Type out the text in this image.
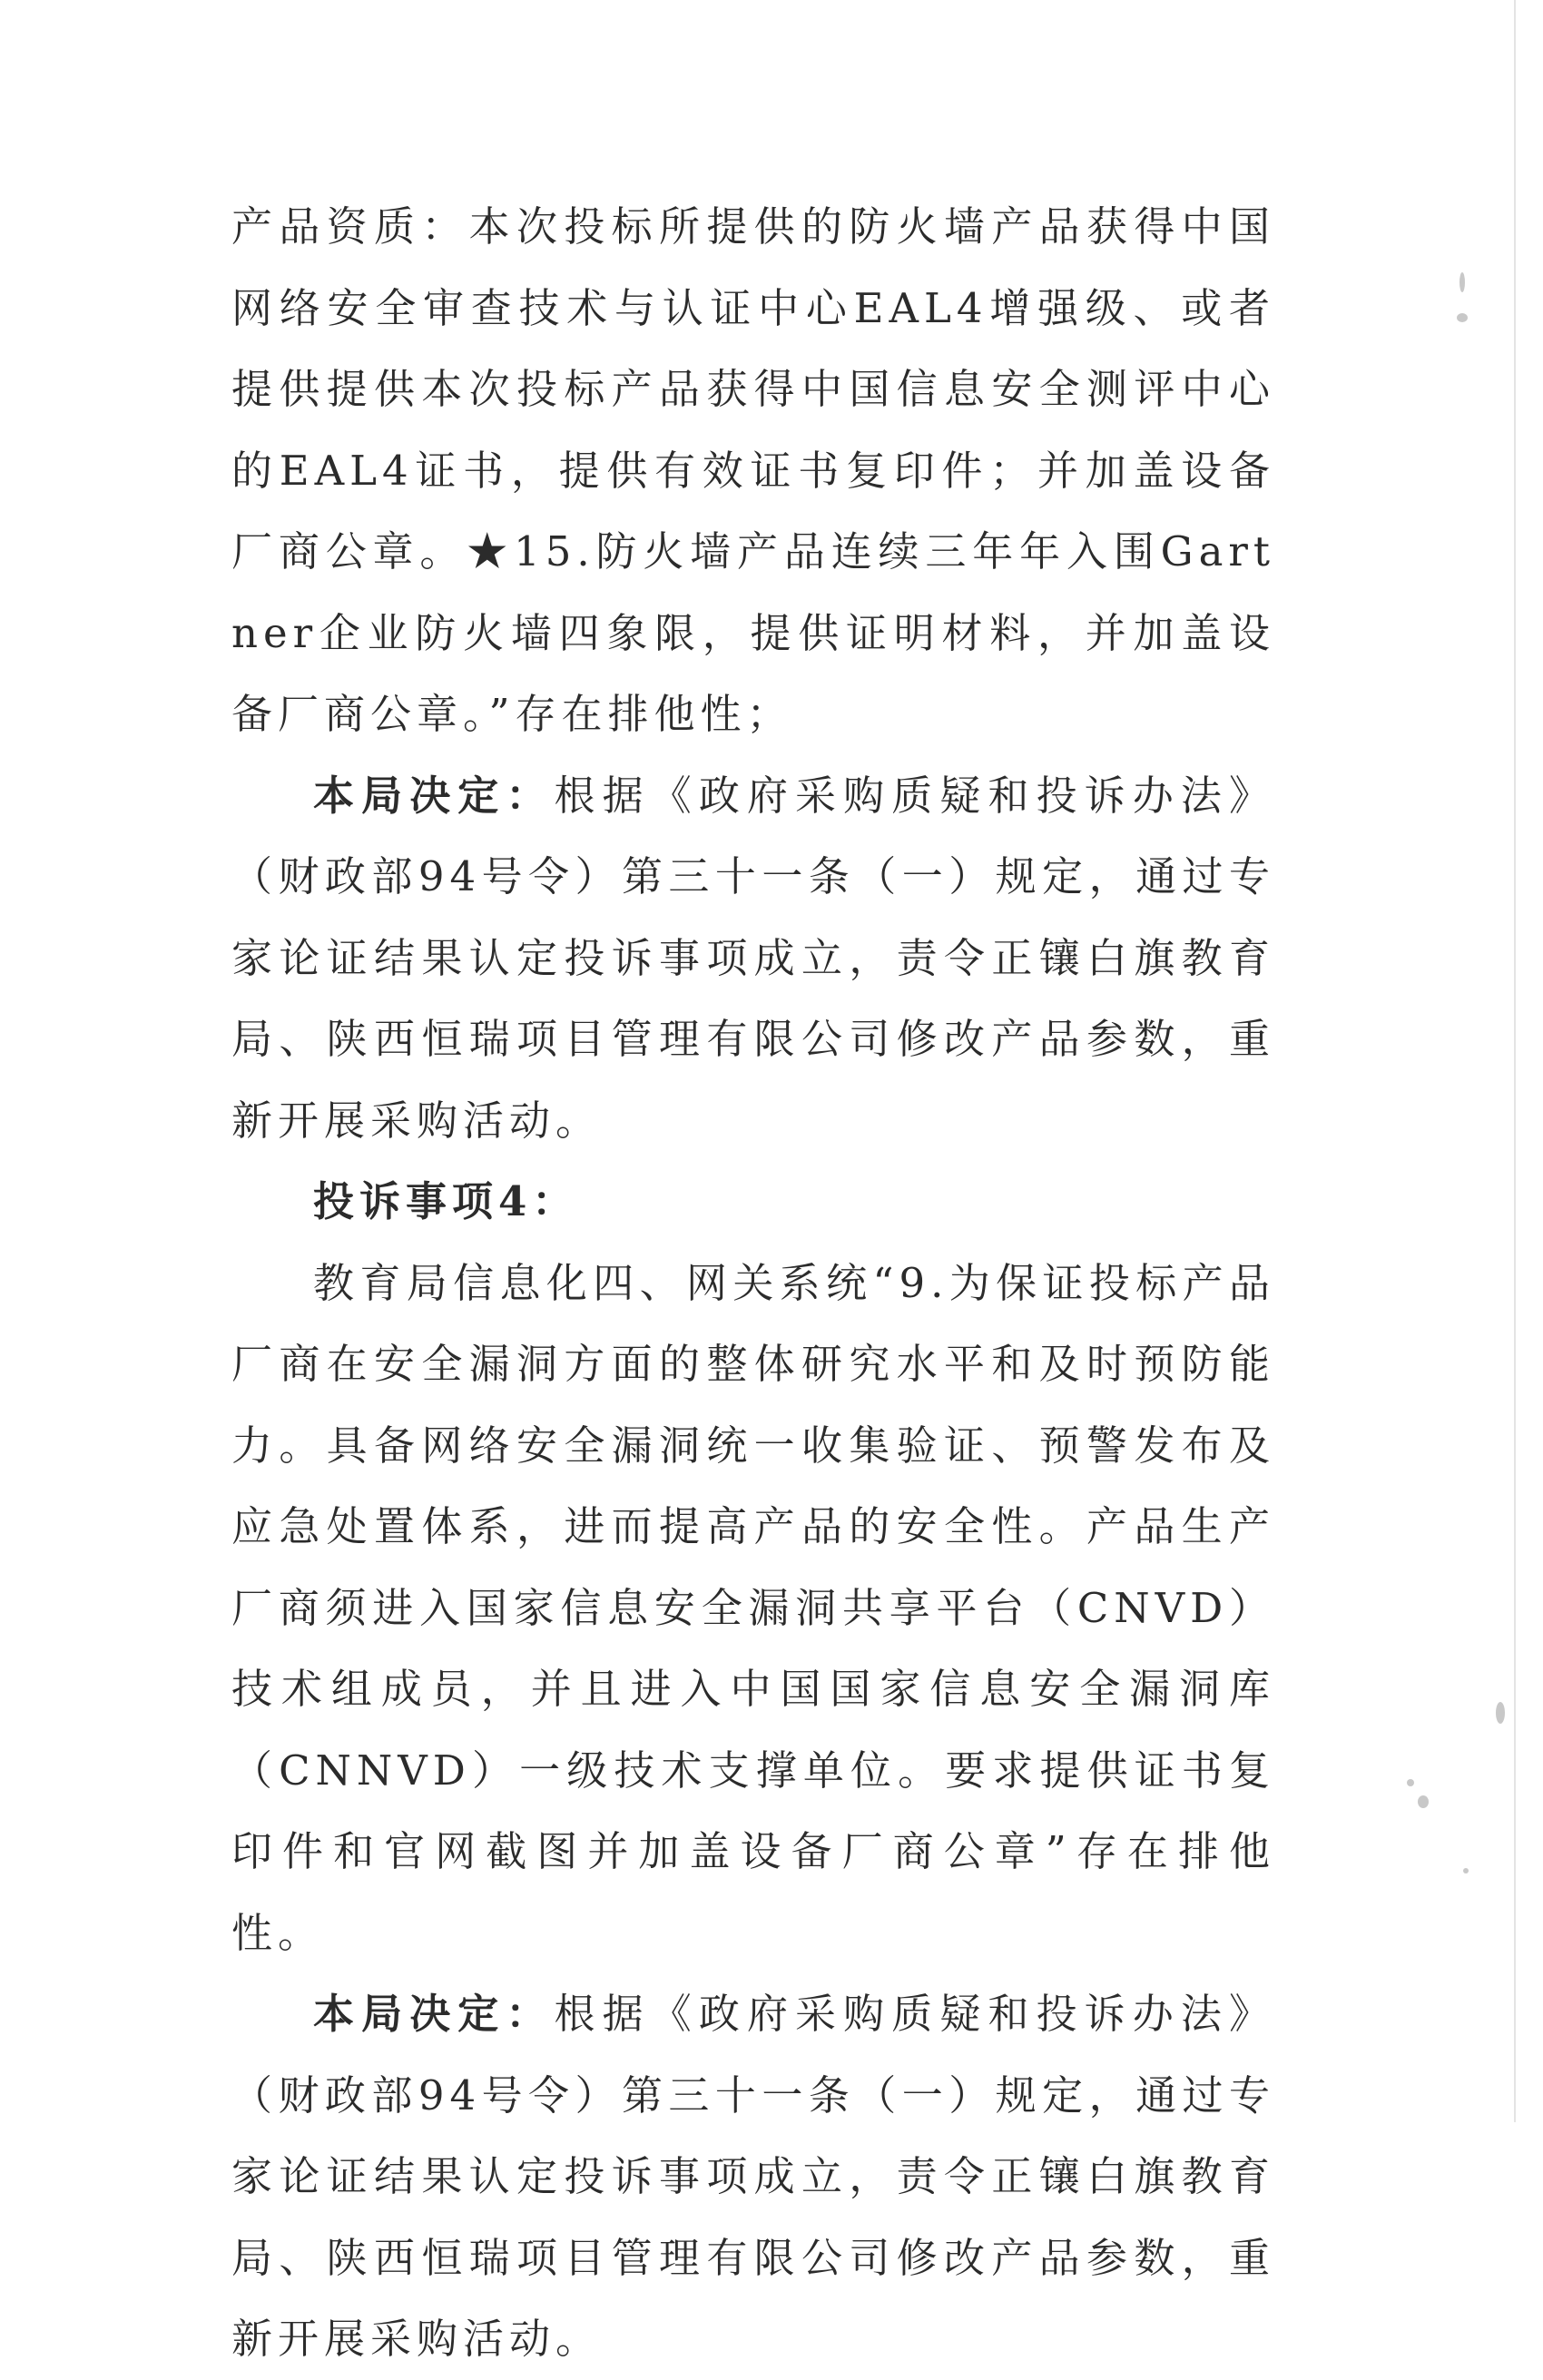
产品资质：本次投标所提供的防火墙产品获得中国网络安全审查技术与认证中心EAL4增强级、或者提供提供本次投标产品获得中国信息安全测评中心的EAL4证书，提供有效证书复印件；并加盖设备厂商公章。★15.防火墙产品连续三年年入围Gartner企业防火墙四象限，提供证明材料，并加盖设备厂商公章。”存在排他性；

本局决定：根据《政府采购质疑和投诉办法》（财政部94号令）第三十一条（一）规定，通过专家论证结果认定投诉事项成立，责令正镶白旗教育局、陕西恒瑞项目管理有限公司修改产品参数，重新开展采购活动。

投诉事项4：

教育局信息化四、网关系统“9.为保证投标产品厂商在安全漏洞方面的整体研究水平和及时预防能力。具备网络安全漏洞统一收集验证、预警发布及应急处置体系，进而提高产品的安全性。产品生产厂商须进入国家信息安全漏洞共享平台（CNVD）技术组成员，并且进入中国国家信息安全漏洞库（CNNVD）一级技术支撑单位。要求提供证书复印件和官网截图并加盖设备厂商公章”存在排他性。

本局决定：根据《政府采购质疑和投诉办法》（财政部94号令）第三十一条（一）规定，通过专家论证结果认定投诉事项成立，责令正镶白旗教育局、陕西恒瑞项目管理有限公司修改产品参数，重新开展采购活动。
